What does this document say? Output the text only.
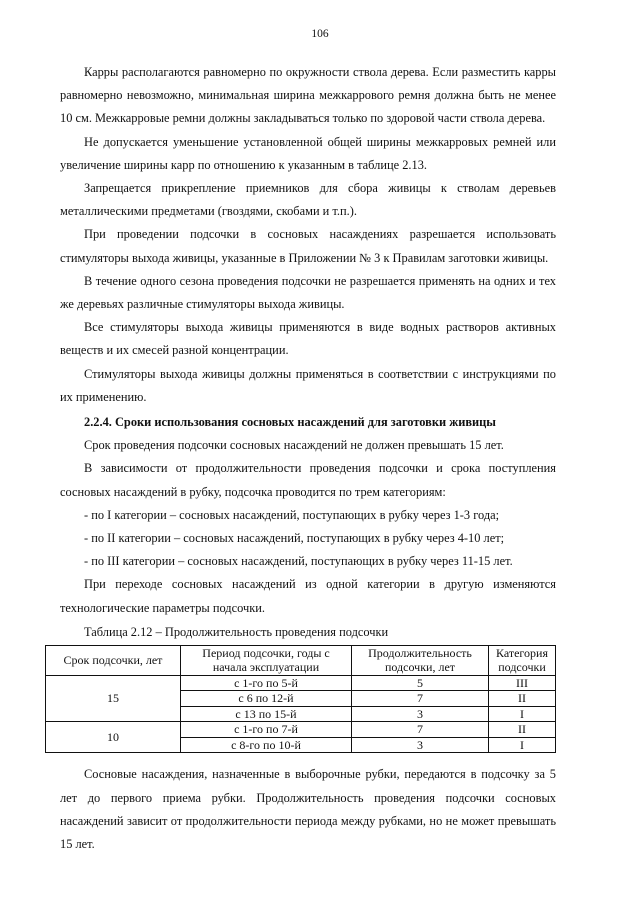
106

Карры располагаются равномерно по окружности ствола дерева. Если разместить карры равномерно невозможно, минимальная ширина межкаррового ремня должна быть не менее 10 см. Межкарровые ремни должны закладываться только по здоровой части ствола дерева.

Не допускается уменьшение установленной общей ширины межкарровых ремней или увеличение ширины карр по отношению к указанным в таблице 2.13.

Запрещается прикрепление приемников для сбора живицы к стволам деревьев металлическими предметами (гвоздями, скобами и т.п.).

При проведении подсочки в сосновых насаждениях разрешается использовать стимуляторы выхода живицы, указанные в Приложении № 3 к Правилам заготовки живицы.

В течение одного сезона проведения подсочки не разрешается применять на одних и тех же деревьях различные стимуляторы выхода живицы.

Все стимуляторы выхода живицы применяются в виде водных растворов активных веществ и их смесей разной концентрации.

Стимуляторы выхода живицы должны применяться в соответствии с инструкциями по их применению.

2.2.4. Сроки использования сосновых насаждений для заготовки живицы

Срок проведения подсочки сосновых насаждений не должен превышать 15 лет.

В зависимости от продолжительности проведения подсочки и срока поступления сосновых насаждений в рубку, подсочка проводится по трем категориям:

- по I категории – сосновых насаждений, поступающих в рубку через 1-3 года;

- по II категории – сосновых насаждений, поступающих в рубку через 4-10 лет;

- по III категории – сосновых насаждений, поступающих в рубку через 11-15 лет.

При переходе сосновых насаждений из одной категории в другую изменяются технологические параметры подсочки.

Таблица 2.12 – Продолжительность проведения подсочки
Срок подсочки, лет	Период подсочки, годы с начала эксплуатации	Продолжительность подсочки, лет	Категория подсочки
15	с 1-го по 5-й	5	III
	с 6 по 12-й	7	II
	с 13 по 15-й	3	I
10	с 1-го по 7-й	7	II
	с 8-го по 10-й	3	I

Сосновые насаждения, назначенные в выборочные рубки, передаются в подсочку за 5 лет до первого приема рубки. Продолжительность проведения подсочки сосновых насаждений зависит от продолжительности периода между рубками, но не может превышать 15 лет.
